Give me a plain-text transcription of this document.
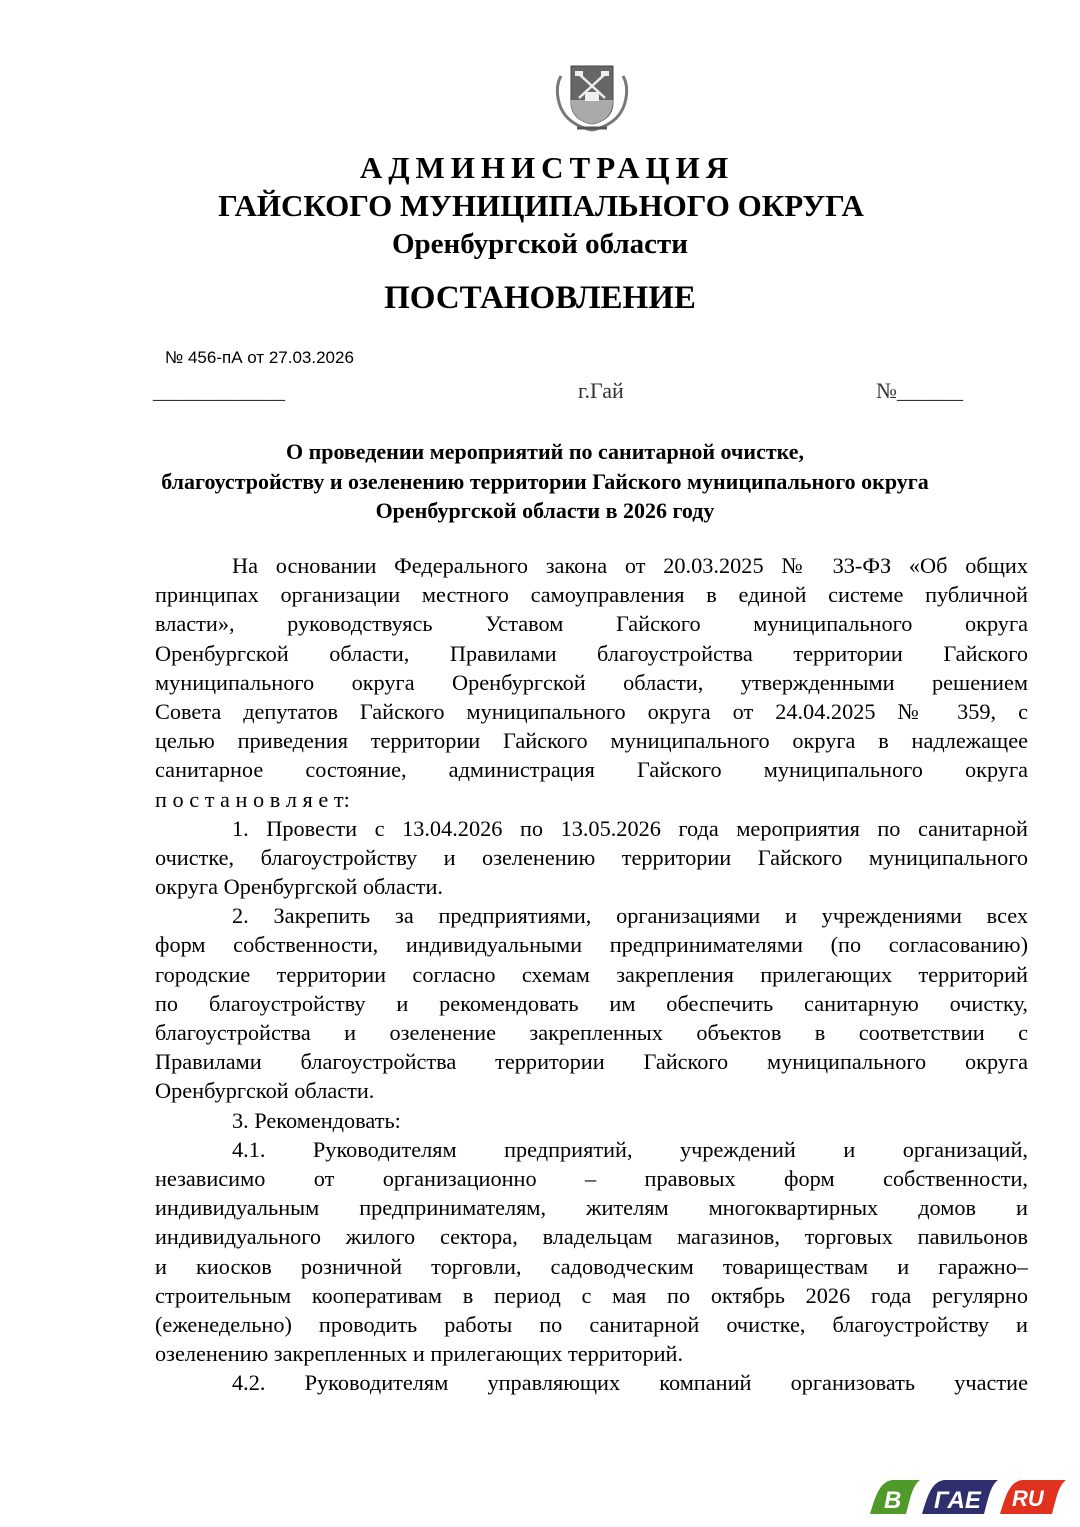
АДМИНИСТРАЦИЯ
ГАЙСКОГО МУНИЦИПАЛЬНОГО ОКРУГА
Оренбургской области
ПОСТАНОВЛЕНИЕ
№ 456-пА от 27.03.2026
____________	г.Гай	№______
О проведении мероприятий по санитарной очистке,
благоустройству и озеленению территории Гайского муниципального округа
Оренбургской области в 2026 году
На основании Федерального закона от 20.03.2025 № 33-ФЗ «Об общих
принципах организации местного самоуправления в единой системе публичной
власти», руководствуясь Уставом Гайского муниципального округа
Оренбургской области, Правилами благоустройства территории Гайского
муниципального округа Оренбургской области, утвержденными решением
Совета депутатов Гайского муниципального округа от 24.04.2025 № 359, с
целью приведения территории Гайского муниципального округа в надлежащее
санитарное состояние, администрация Гайского муниципального округа
п о с т а н о в л я е т:
1. Провести с 13.04.2026 по 13.05.2026 года мероприятия по санитарной
очистке, благоустройству и озеленению территории Гайского муниципального
округа Оренбургской области.
2. Закрепить за предприятиями, организациями и учреждениями всех
форм собственности, индивидуальными предпринимателями (по согласованию)
городские территории согласно схемам закрепления прилегающих территорий
по благоустройству и рекомендовать им обеспечить санитарную очистку,
благоустройства и озеленение закрепленных объектов в соответствии с
Правилами благоустройства территории Гайского муниципального округа
Оренбургской области.
3. Рекомендовать:
4.1. Руководителям предприятий, учреждений и организаций,
независимо от организационно – правовых форм собственности,
индивидуальным предпринимателям, жителям многоквартирных домов и
индивидуального жилого сектора, владельцам магазинов, торговых павильонов
и киосков розничной торговли, садоводческим товариществам и гаражно–
строительным кооперативам в период с мая по октябрь 2026 года регулярно
(еженедельно) проводить работы по санитарной очистке, благоустройству и
озеленению закрепленных и прилегающих территорий.
4.2. Руководителям управляющих компаний организовать участие
В ГАЕ RU
